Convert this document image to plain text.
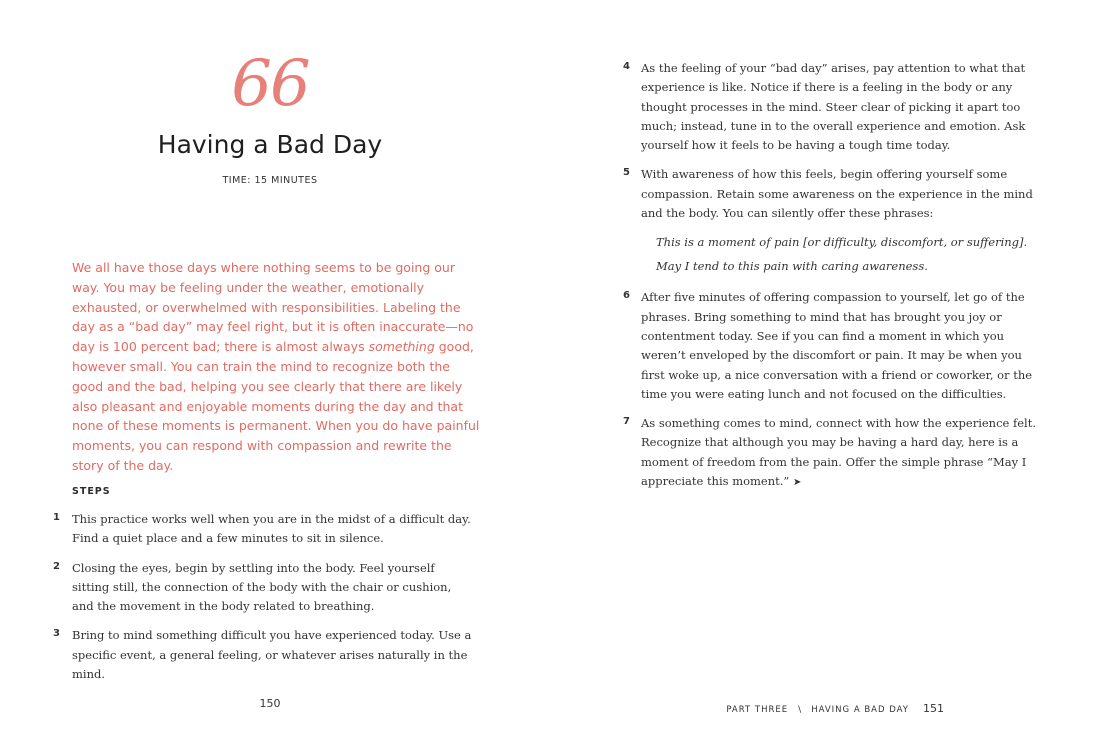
66
Having a Bad Day
TIME: 15 MINUTES

We all have those days where nothing seems to be going our way. You may be feeling under the weather, emotionally exhausted, or overwhelmed with responsibilities. Labeling the day as a “bad day” may feel right, but it is often inaccurate—no day is 100 percent bad; there is almost always something good, however small. You can train the mind to recognize both the good and the bad, helping you see clearly that there are likely also pleasant and enjoyable moments during the day and that none of these moments is permanent. When you do have painful moments, you can respond with compassion and rewrite the story of the day.

STEPS
1 This practice works well when you are in the midst of a difficult day. Find a quiet place and a few minutes to sit in silence.
2 Closing the eyes, begin by settling into the body. Feel yourself sitting still, the connection of the body with the chair or cushion, and the movement in the body related to breathing.
3 Bring to mind something difficult you have experienced today. Use a specific event, a general feeling, or whatever arises naturally in the mind.
150
4 As the feeling of your “bad day” arises, pay attention to what that experience is like. Notice if there is a feeling in the body or any thought processes in the mind. Steer clear of picking it apart too much; instead, tune in to the overall experience and emotion. Ask yourself how it feels to be having a tough time today.
5 With awareness of how this feels, begin offering yourself some compassion. Retain some awareness on the experience in the mind and the body. You can silently offer these phrases:
This is a moment of pain [or difficulty, discomfort, or suffering].
May I tend to this pain with caring awareness.
6 After five minutes of offering compassion to yourself, let go of the phrases. Bring something to mind that has brought you joy or contentment today. See if you can find a moment in which you weren’t enveloped by the discomfort or pain. It may be when you first woke up, a nice conversation with a friend or coworker, or the time you were eating lunch and not focused on the difficulties.
7 As something comes to mind, connect with how the experience felt. Recognize that although you may be having a hard day, here is a moment of freedom from the pain. Offer the simple phrase “May I appreciate this moment.” ➤
PART THREE \ HAVING A BAD DAY 151
